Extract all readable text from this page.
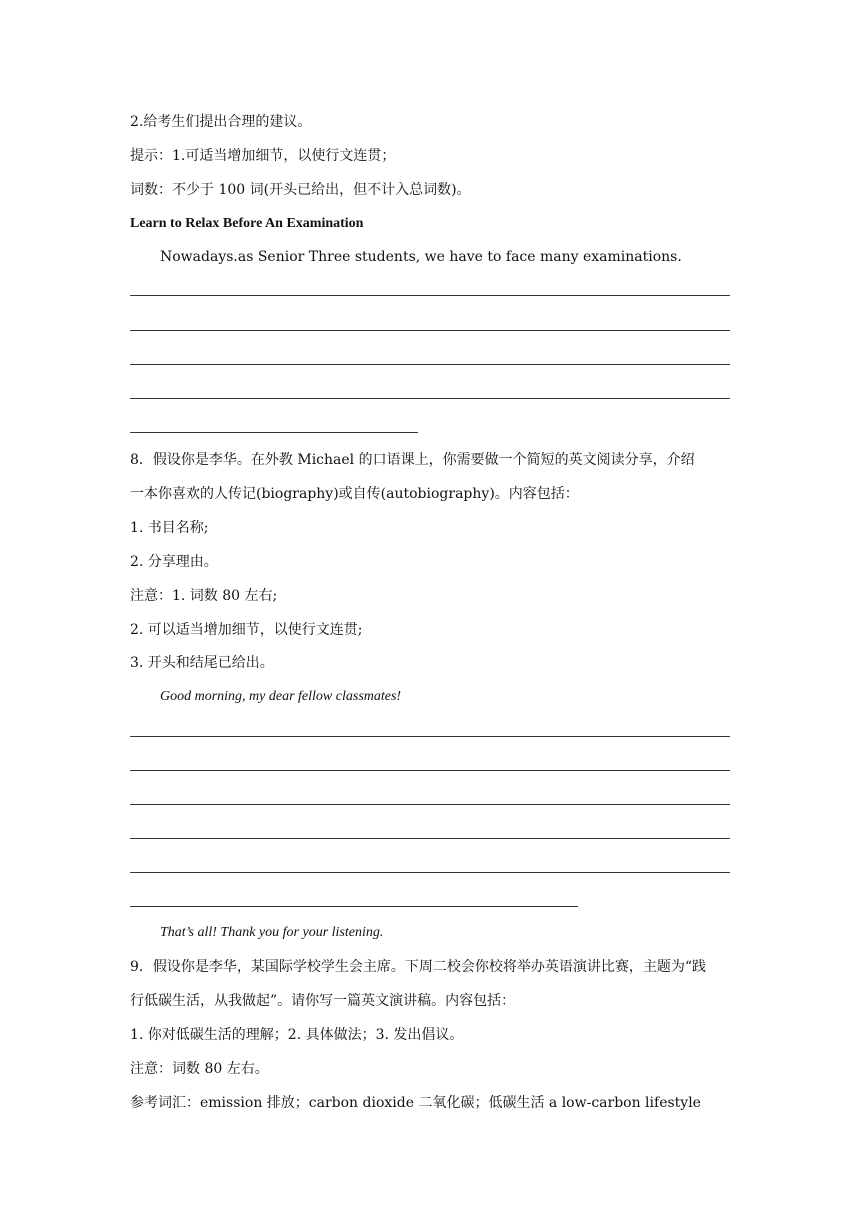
2.给考生们提出合理的建议。
提示：1.可适当增加细节，以使行文连贯；
词数：不少于 100 词(开头已给出，但不计入总词数)。
Learn to Relax Before An Examination
Nowadays.as Senior Three students, we have to face many examinations.
8．假设你是李华。在外教 Michael 的口语课上，你需要做一个简短的英文阅读分享，介绍
一本你喜欢的人传记(biography)或自传(autobiography)。内容包括：
1. 书目名称;
2. 分享理由。
注意：1. 词数 80 左右;
2. 可以适当增加细节，以使行文连贯;
3. 开头和结尾已给出。
Good morning, my dear fellow classmates!
That’s all! Thank you for your listening.
9．假设你是李华，某国际学校学生会主席。下周二校会你校将举办英语演讲比赛，主题为“践
行低碳生活，从我做起”。请你写一篇英文演讲稿。内容包括：
1. 你对低碳生活的理解；2. 具体做法；3. 发出倡议。
注意：词数 80 左右。
参考词汇：emission 排放；carbon dioxide 二氧化碳；低碳生活 a low-carbon lifestyle
